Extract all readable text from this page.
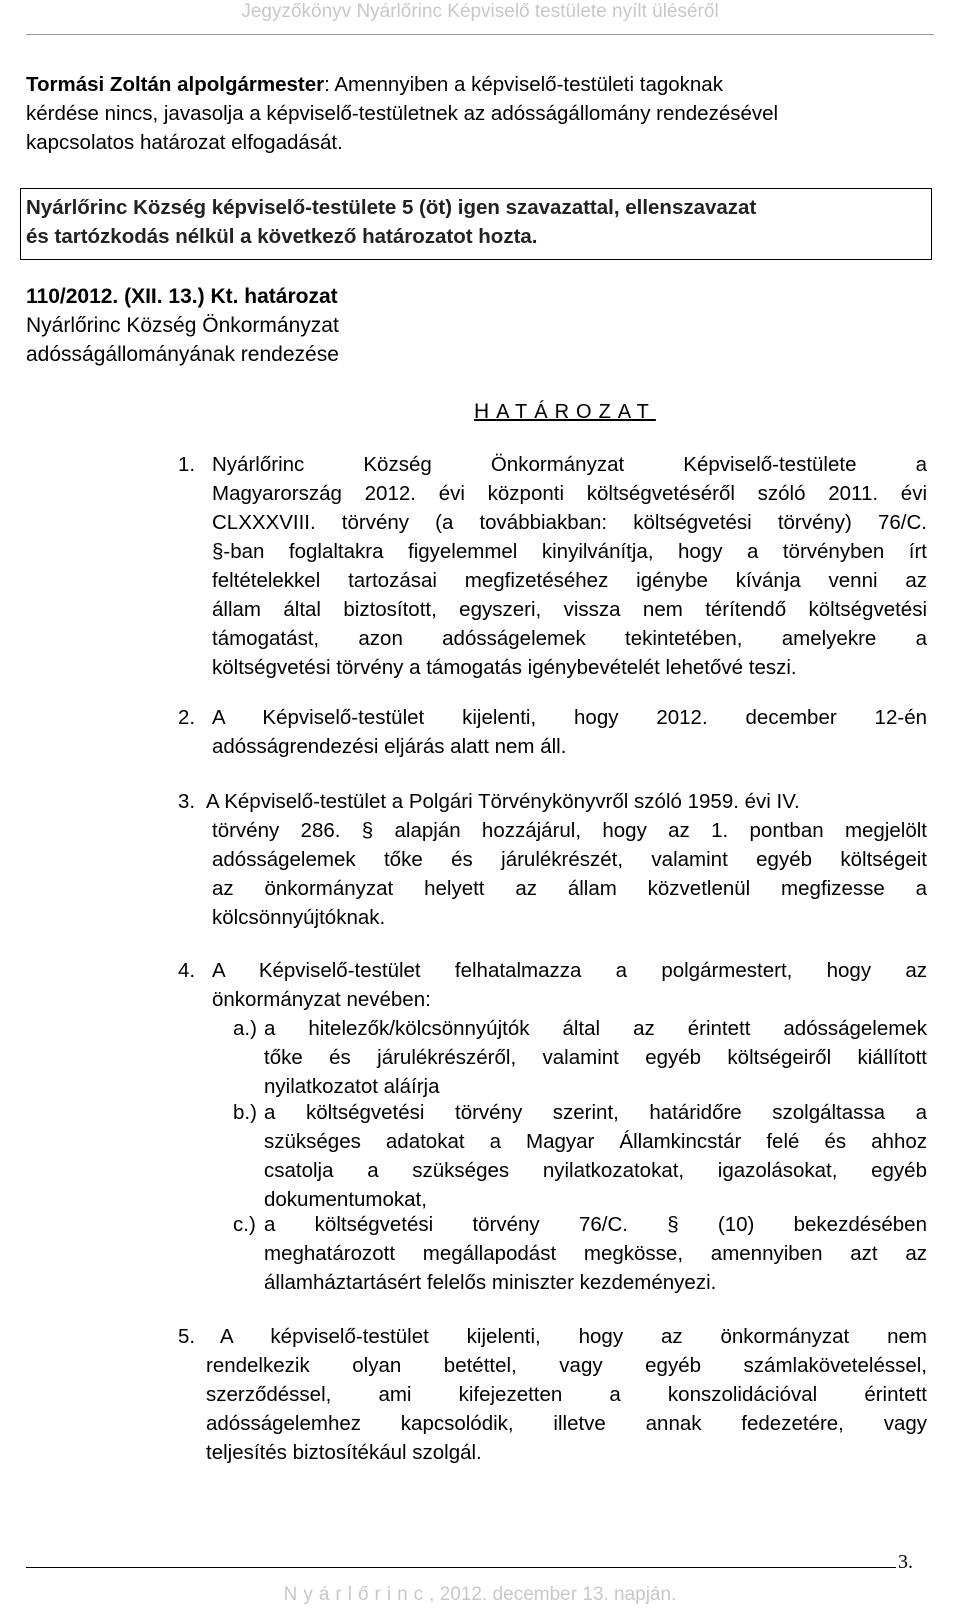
Jegyzőkönyv Nyárlőrinc Képviselő testülete nyílt üléséről
Tormási Zoltán alpolgármester: Amennyiben a képviselő-testületi tagoknak
kérdése nincs, javasolja a képviselő-testületnek az adósságállomány rendezésével
kapcsolatos határozat elfogadását.
Nyárlőrinc Község képviselő-testülete 5 (öt) igen szavazattal, ellenszavazat
és tartózkodás nélkül a következő határozatot hozta.
110/2012. (XII. 13.) Kt. határozat
Nyárlőrinc Község Önkormányzat
adósságállományának rendezése
HATÁROZAT
1. Nyárlőrinc Község Önkormányzat Képviselő-testülete a
Magyarország 2012. évi központi költségvetéséről szóló 2011. évi
CLXXXVIII. törvény (a továbbiakban: költségvetési törvény) 76/C.
§-ban foglaltakra figyelemmel kinyilvánítja, hogy a törvényben írt
feltételekkel tartozásai megfizetéséhez igénybe kívánja venni az
állam által biztosított, egyszeri, vissza nem térítendő költségvetési
támogatást, azon adósságelemek tekintetében, amelyekre a
költségvetési törvény a támogatás igénybevételét lehetővé teszi.
2. A Képviselő-testület kijelenti, hogy 2012. december 12-én
adósságrendezési eljárás alatt nem áll.
3. A Képviselő-testület a Polgári Törvénykönyvről szóló 1959. évi IV.
törvény 286. § alapján hozzájárul, hogy az 1. pontban megjelölt
adósságelemek tőke és járulékrészét, valamint egyéb költségeit
az önkormányzat helyett az állam közvetlenül megfizesse a
kölcsönnyújtóknak.
4. A Képviselő-testület felhatalmazza a polgármestert, hogy az
önkormányzat nevében:
a.) a hitelezők/kölcsönnyújtók által az érintett adósságelemek
tőke és járulékrészéről, valamint egyéb költségeiről kiállított
nyilatkozatot aláírja
b.) a költségvetési törvény szerint, határidőre szolgáltassa a
szükséges adatokat a Magyar Államkincstár felé és ahhoz
csatolja a szükséges nyilatkozatokat, igazolásokat, egyéb
dokumentumokat,
c.) a költségvetési törvény 76/C. § (10) bekezdésében
meghatározott megállapodást megkösse, amennyiben azt az
államháztartásért felelős miniszter kezdeményezi.
5.	A képviselő-testület kijelenti, hogy az önkormányzat nem
rendelkezik olyan betéttel, vagy egyéb számlaköveteléssel,
szerződéssel, ami kifejezetten a konszolidációval érintett
adósságelemhez kapcsolódik, illetve annak fedezetére, vagy
teljesítés biztosítékául szolgál.
3.
Nyárlőrinc, 2012. december 13. napján.
